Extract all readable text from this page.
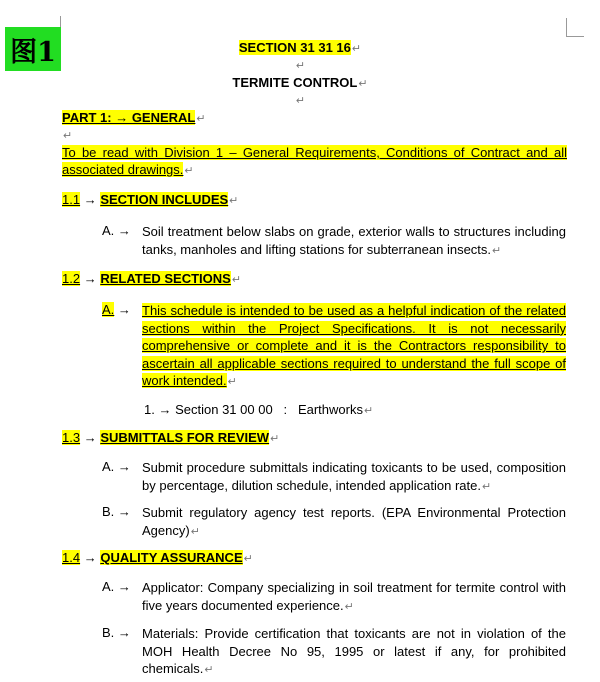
图1	SECTION 31 31 16↵
↵
TERMITE CONTROL↵
↵
PART 1: → GENERAL↵
↵
To be read with Division 1 – General Requirements, Conditions of Contract and all associated drawings.↵
1.1 → SECTION INCLUDES↵
A. → Soil treatment below slabs on grade, exterior walls to structures including tanks, manholes and lifting stations for subterranean insects.↵
1.2 → RELATED SECTIONS↵
A. → This schedule is intended to be used as a helpful indication of the related sections within the Project Specifications. It is not necessarily comprehensive or complete and it is the Contractors responsibility to ascertain all applicable sections required to understand the full scope of work intended.↵
1. → Section 31 00 00   :   Earthworks↵
1.3 → SUBMITTALS FOR REVIEW↵
A. → Submit procedure submittals indicating toxicants to be used, composition by percentage, dilution schedule, intended application rate.↵
B. → Submit regulatory agency test reports. (EPA Environmental Protection Agency)↵
1.4 → QUALITY ASSURANCE↵
A. → Applicator: Company specializing in soil treatment for termite control with five years documented experience.↵
B. → Materials: Provide certification that toxicants are not in violation of the MOH Health Decree No 95, 1995 or latest if any, for prohibited chemicals.↵
